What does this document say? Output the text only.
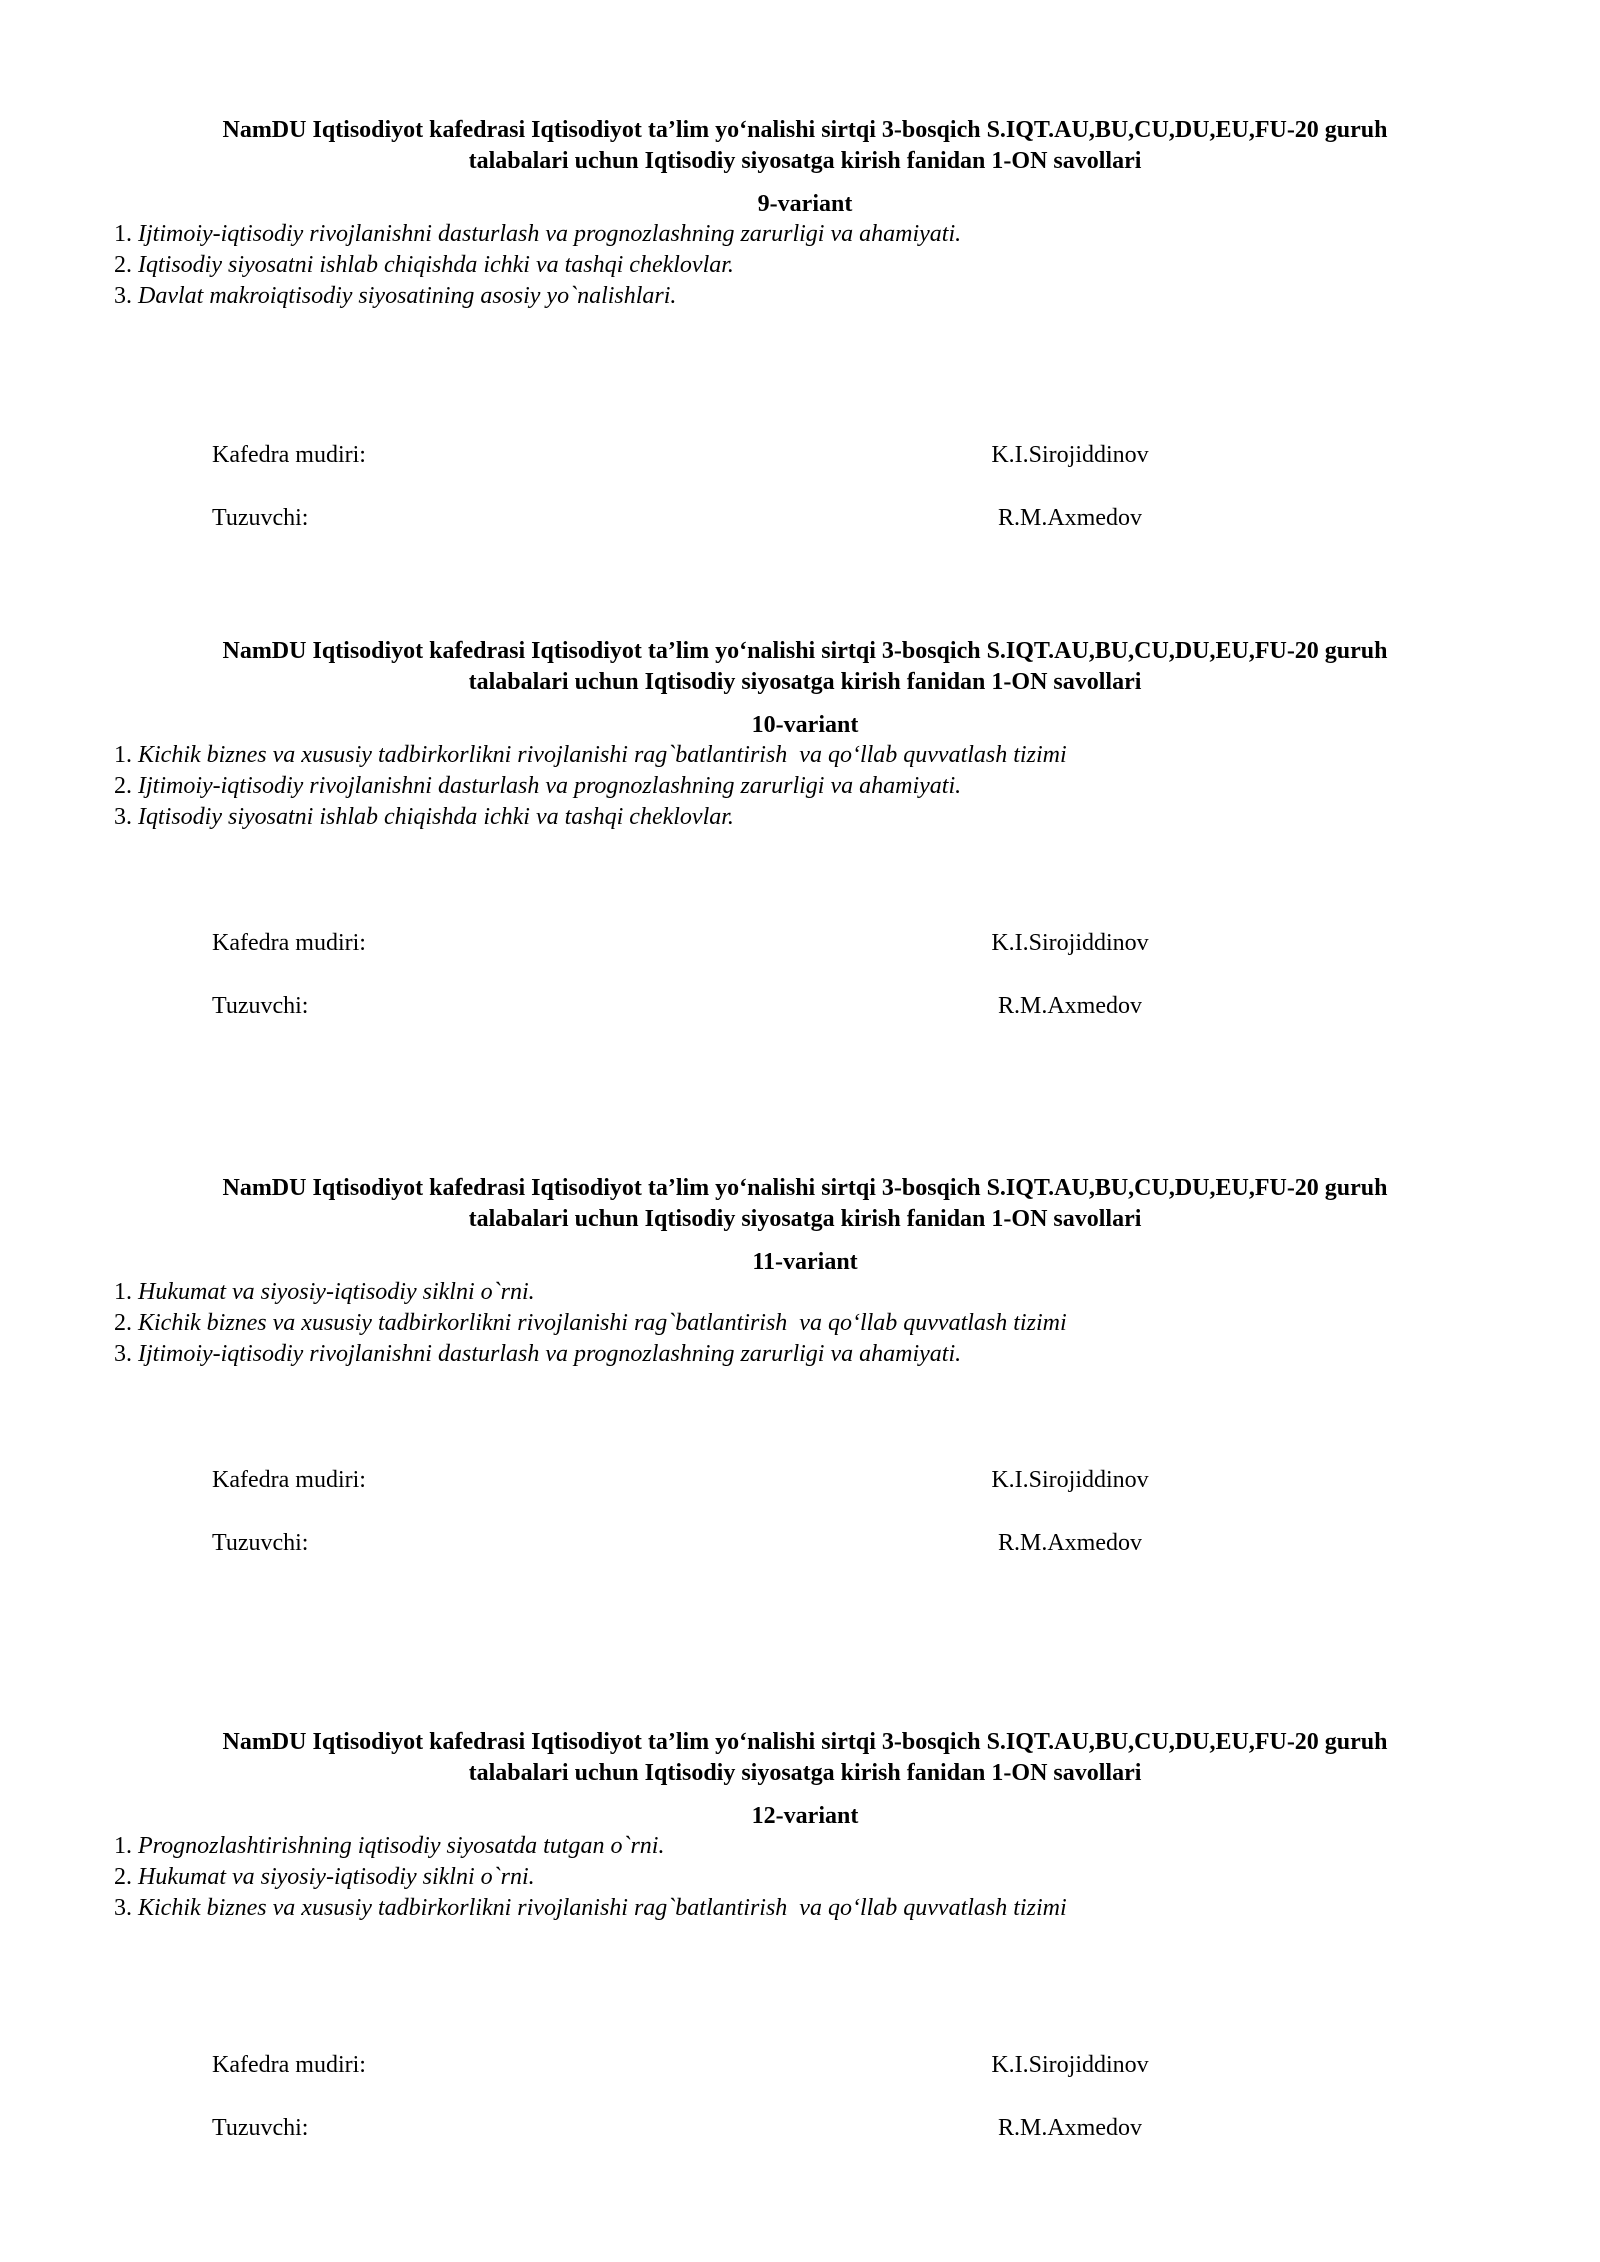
NamDU Iqtisodiyot kafedrasi Iqtisodiyot ta’lim yo‘nalishi sirtqi 3-bosqich S.IQT.AU,BU,CU,DU,EU,FU-20 guruh
talabalari uchun Iqtisodiy siyosatga kirish fanidan 1-ON savollari
9-variant
1. Ijtimoiy-iqtisodiy rivojlanishni dasturlash va prognozlashning zarurligi va ahamiyati.
2. Iqtisodiy siyosatni ishlab chiqishda ichki va tashqi cheklovlar.
3. Davlat makroiqtisodiy siyosatining asosiy yo`nalishlari.
Kafedra mudiri:	K.I.Sirojiddinov
Tuzuvchi:	R.M.Axmedov
NamDU Iqtisodiyot kafedrasi Iqtisodiyot ta’lim yo‘nalishi sirtqi 3-bosqich S.IQT.AU,BU,CU,DU,EU,FU-20 guruh
talabalari uchun Iqtisodiy siyosatga kirish fanidan 1-ON savollari
10-variant
1. Kichik biznes va xususiy tadbirkorlikni rivojlanishi rag`batlantirish  va qo‘llab quvvatlash tizimi
2. Ijtimoiy-iqtisodiy rivojlanishni dasturlash va prognozlashning zarurligi va ahamiyati.
3. Iqtisodiy siyosatni ishlab chiqishda ichki va tashqi cheklovlar.
Kafedra mudiri:	K.I.Sirojiddinov
Tuzuvchi:	R.M.Axmedov
NamDU Iqtisodiyot kafedrasi Iqtisodiyot ta’lim yo‘nalishi sirtqi 3-bosqich S.IQT.AU,BU,CU,DU,EU,FU-20 guruh
talabalari uchun Iqtisodiy siyosatga kirish fanidan 1-ON savollari
11-variant
1. Hukumat va siyosiy-iqtisodiy siklni o`rni.
2. Kichik biznes va xususiy tadbirkorlikni rivojlanishi rag`batlantirish  va qo‘llab quvvatlash tizimi
3. Ijtimoiy-iqtisodiy rivojlanishni dasturlash va prognozlashning zarurligi va ahamiyati.
Kafedra mudiri:	K.I.Sirojiddinov
Tuzuvchi:	R.M.Axmedov
NamDU Iqtisodiyot kafedrasi Iqtisodiyot ta’lim yo‘nalishi sirtqi 3-bosqich S.IQT.AU,BU,CU,DU,EU,FU-20 guruh
talabalari uchun Iqtisodiy siyosatga kirish fanidan 1-ON savollari
12-variant
1. Prognozlashtirishning iqtisodiy siyosatda tutgan o`rni.
2. Hukumat va siyosiy-iqtisodiy siklni o`rni.
3. Kichik biznes va xususiy tadbirkorlikni rivojlanishi rag`batlantirish  va qo‘llab quvvatlash tizimi
Kafedra mudiri:	K.I.Sirojiddinov
Tuzuvchi:	R.M.Axmedov
